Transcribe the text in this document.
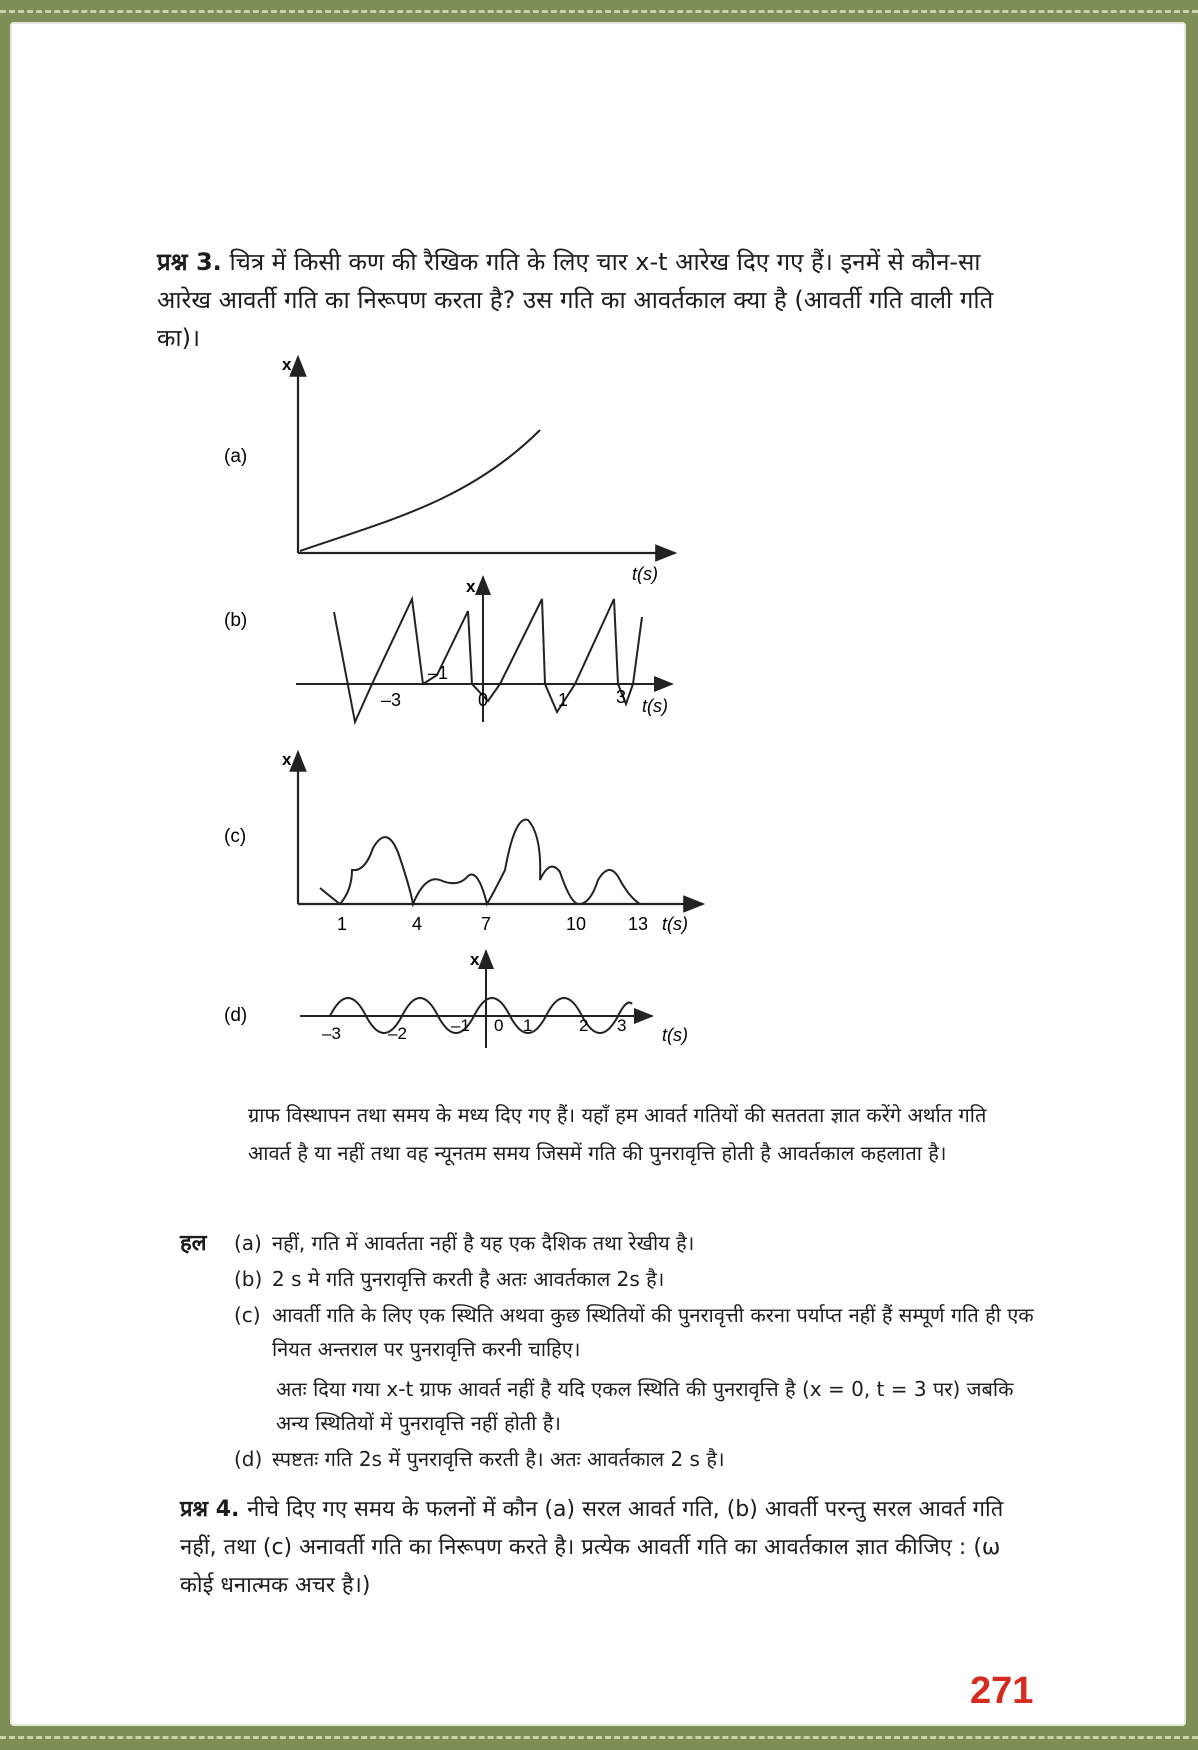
प्रश्न 3. चित्र में किसी कण की रैखिक गति के लिए चार x-t आरेख दिए गए हैं। इनमें से कौन-सा आरेख आवर्ती गति का निरूपण करता है? उस गति का आवर्तकाल क्या है (आवर्ती गति वाली गति का)।

(a)
x
t(s)
(b)
x
t(s)
–3
–1
0	1	3
(c)
x
1	4	7	10 13 t(s)
(d)
x
–3	–2	–1 0 1	2 3 t(s)

ग्राफ विस्थापन तथा समय के मध्य दिए गए हैं। यहाँ हम आवर्त गतियों की सततता ज्ञात करेंगे अर्थात गति आवर्त है या नहीं तथा वह न्यूनतम समय जिसमें गति की पुनरावृत्ति होती है आवर्तकाल कहलाता है।

हल (a) नहीं, गति में आवर्तता नहीं है यह एक दैशिक तथा रेखीय है।
(b) 2 s मे गति पुनरावृत्ति करती है अतः आवर्तकाल 2s है।
(c) आवर्ती गति के लिए एक स्थिति अथवा कुछ स्थितियों की पुनरावृत्ती करना पर्याप्त नहीं हैं सम्पूर्ण गति ही एक नियत अन्तराल पर पुनरावृत्ति करनी चाहिए।
अतः दिया गया x-t ग्राफ आवर्त नहीं है यदि एकल स्थिति की पुनरावृत्ति है (x = 0, t = 3 पर) जबकि अन्य स्थितियों में पुनरावृत्ति नहीं होती है।
(d) स्पष्टतः गति 2s में पुनरावृत्ति करती है। अतः आवर्तकाल 2 s है।

प्रश्न 4. नीचे दिए गए समय के फलनों में कौन (a) सरल आवर्त गति, (b) आवर्ती परन्तु सरल आवर्त गति नहीं, तथा (c) अनावर्ती गति का निरूपण करते है। प्रत्येक आवर्ती गति का आवर्तकाल ज्ञात कीजिए : (ω कोई धनात्मक अचर है।)

271
